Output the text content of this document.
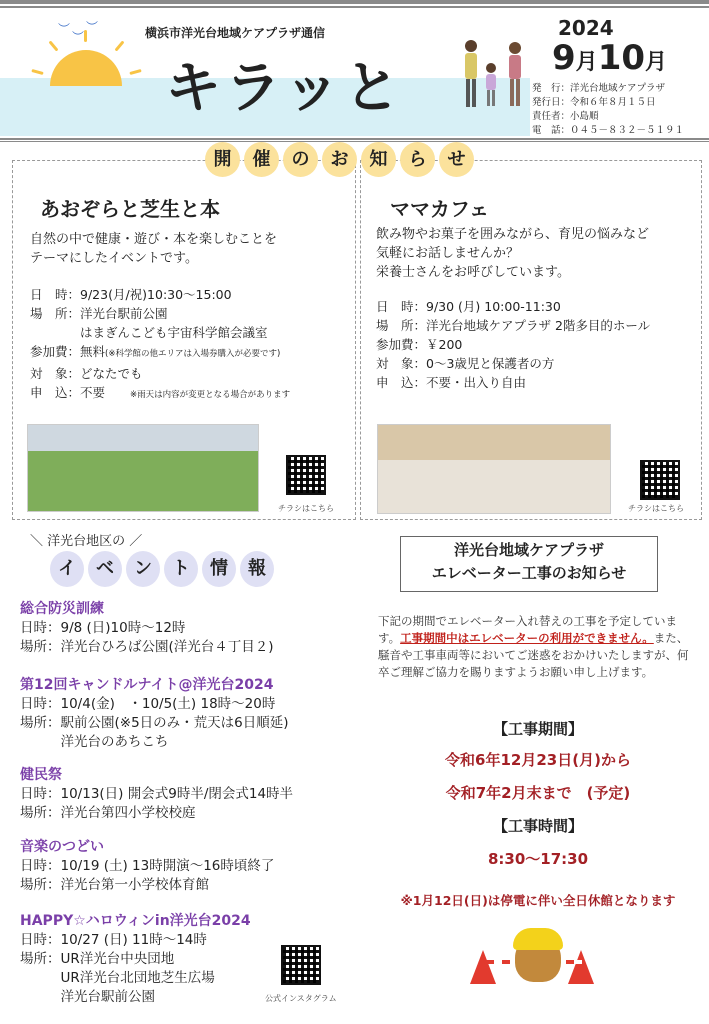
︶
︶
︶	横浜市洋光台地域ケアプラザ通信
キラッと
2024
9月10月
発　行：洋光台地域ケアプラザ
発行日：令和６年８月１５日
責任者：小島順
電　話：０４５－８３２－５１９１
開	催	の	お	知	ら	せ
あおぞらと芝生と本
自然の中で健康・遊び・本を楽しむことを
テーマにしたイベントです。
日　時：9/23(月/祝)10:30～15:00
場　所：洋光台駅前公園
　　　　はまぎんこども宇宙科学館会議室
参加費：無料(※科学館の他エリアは入場券購入が必要です)
対　象：どなたでも
申　込：不要　　	※雨天は内容が変更となる場合があります
チラシはこちら
ママカフェ
飲み物やお菓子を囲みながら、育児の悩みなど
気軽にお話しませんか？
栄養士さんをお呼びしています。
日　時：9/30 (月) 10:00-11:30
場　所：洋光台地域ケアプラザ 2階多目的ホール
参加費：￥200
対　象：0～3歳児と保護者の方
申　込：不要・出入り自由
チラシはこちら
＼ 洋光台地区の ／
イ	ベ	ン	ト	情	報
総合防災訓練
日時：9/8 (日)10時～12時
場所：洋光台ひろば公園(洋光台４丁目２)
第12回キャンドルナイト@洋光台2024
日時：10/4(金)　・10/5(土) 18時～20時
場所：駅前公園(※5日のみ・荒天は6日順延)
　　　洋光台のあちこち
健民祭
日時：10/13(日) 開会式9時半/閉会式14時半
場所：洋光台第四小学校校庭
音楽のつどい
日時：10/19 (土) 13時開演～16時頃終了
場所：洋光台第一小学校体育館
HAPPY☆ハロウィンin洋光台2024
日時：10/27 (日) 11時～14時
場所：UR洋光台中央団地
　　　UR洋光台北団地芝生広場
　　　洋光台駅前公園	公式インスタグラム
洋光台地域ケアプラザ
エレベーター工事のお知らせ
下記の期間でエレベーター入れ替えの工事を予定しています。工事期間中はエレベーターの利用ができません。また、騒音や工事車両等においてご迷惑をおかけいたしますが、何卒ご理解ご協力を賜りますようお願い申し上げます。
【工事期間】
令和6年12月23日(月)から
令和7年2月末まで　(予定)
【工事時間】
8:30～17:30
※1月12日(日)は停電に伴い全日休館となります
